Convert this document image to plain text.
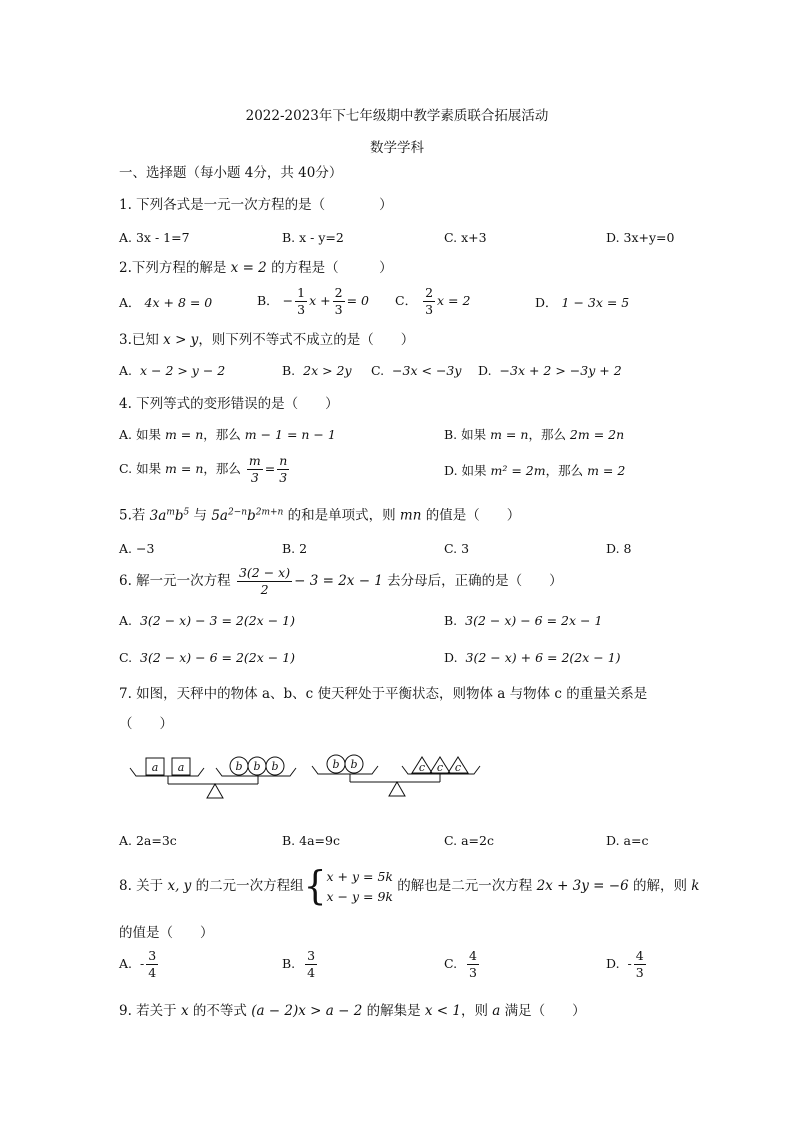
2022-2023年下七年级期中教学素质联合拓展活动
数学学科
一、选择题（每小题 4分，共 40分）
1. 下列各式是一元一次方程的是（　　　　）
A. 3x - 1=7	B. x - y=2	C. x+3	D. 3x+y=0
2.下列方程的解是 x = 2 的方程是（　　　）
A． 4x + 8 = 0	B． − $\frac{1}{3}$ $x + \frac{2}{3} = 0$ C． $\frac{2}{3}$ x = 2	D． 1 − 3x = 5
3.已知 x > y，则下列不等式不成立的是（　　）
A. x − 2 > y − 2	B. 2x > 2y C. −3x < −3y D. −3x + 2 > −3y + 2
4. 下列等式的变形错误的是（　　）
A. 如果 m = n，那么 m − 1 = n − 1	B. 如果 m = n，那么 2m = 2n
C. 如果 m = n，那么 $\frac{m}{3} = \frac{n}{3}$	D. 如果 m² = 2m，那么 m = 2
5.若 $3a^mb^5$ 与 $5a^{2-n}b^{2m+n}$ 的和是单项式，则 mn 的值是（　　）
A. −3	B. 2	C. 3	D. 8
6. 解一元一次方程 $\frac{3(2 - x)}{2} - 3 = 2x - 1$ 去分母后，正确的是（　　）
A. 3(2 − x) − 3 = 2(2x − 1)	B. 3(2 − x) − 6 = 2x − 1
C. 3(2 − x) − 6 = 2(2x − 1)	D. 3(2 − x) + 6 = 2(2x − 1)
7. 如图，天秤中的物体 a、b、c 使天秤处于平衡状态，则物体 a 与物体 c 的重量关系是
（　　）
a a	b b b	b b	c c c
A. 2a=3c	B. 4a=9c	C. a=2c	D. a=c
8. 关于 x, y 的二元一次方程组{ x + y = 5k
x − y = 9k
的解也是二元一次方程 2x + 3y = −6 的解，则 k
的值是（　　）
A. - $\frac{3}{4}$	B. $\frac{3}{4}$	C. $\frac{4}{3}$	D. - $\frac{4}{3}$
9. 若关于 x 的不等式 (a − 2)x > a − 2 的解集是 x < 1，则 a 满足（　　）
